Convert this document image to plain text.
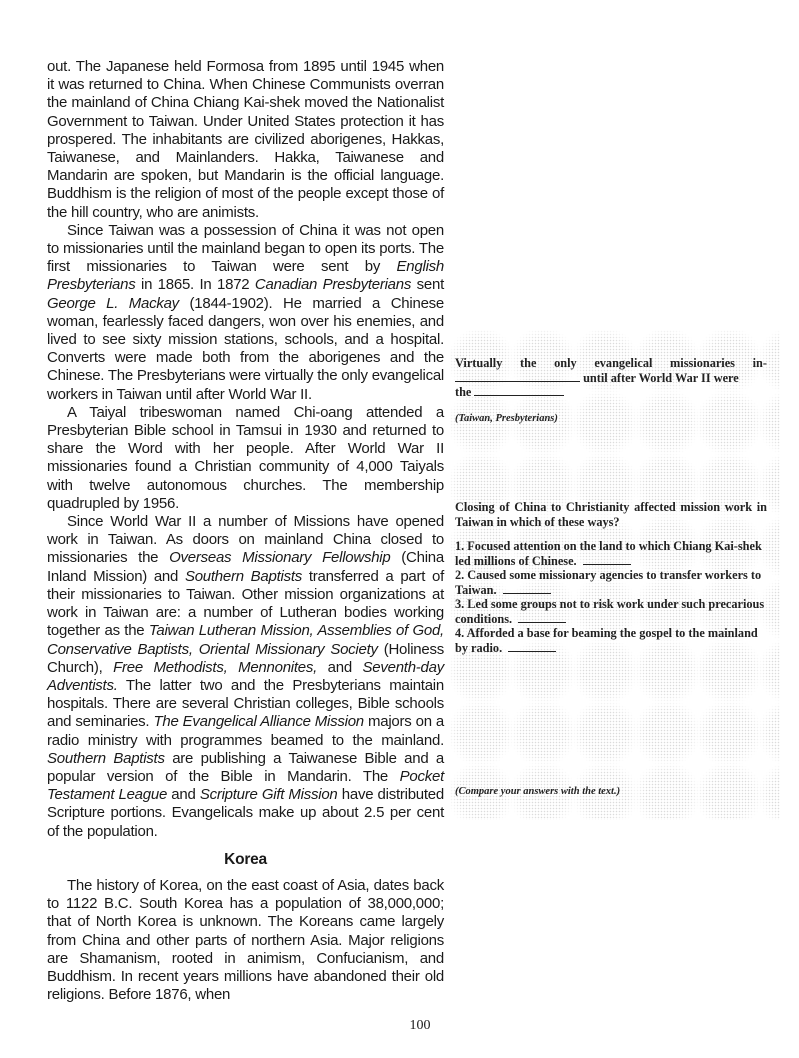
out. The Japanese held Formosa from 1895 until 1945 when it was returned to China. When Chinese Communists overran the mainland of China Chiang Kai-shek moved the Nationalist Government to Taiwan. Under United States protection it has prospered. The inhabitants are civilized aborigenes, Hakkas, Taiwanese, and Mainlanders. Hakka, Taiwanese and Mandarin are spoken, but Mandarin is the official language. Buddhism is the religion of most of the people except those of the hill country, who are animists.

Since Taiwan was a possession of China it was not open to missionaries until the mainland began to open its ports. The first missionaries to Taiwan were sent by English Presbyterians in 1865. In 1872 Canadian Presbyterians sent George L. Mackay (1844-1902). He married a Chinese woman, fearlessly faced dangers, won over his enemies, and lived to see sixty mission stations, schools, and a hospital. Converts were made both from the aborigenes and the Chinese. The Presbyterians were virtually the only evangelical workers in Taiwan until after World War II.

A Taiyal tribeswoman named Chi-oang attended a Presbyterian Bible school in Tamsui in 1930 and returned to share the Word with her people. After World War II missionaries found a Christian community of 4,000 Taiyals with twelve autonomous churches. The membership quadrupled by 1956.

Since World War II a number of Missions have opened work in Taiwan. As doors on mainland China closed to missionaries the Overseas Missionary Fellowship (China Inland Mission) and Southern Baptists transferred a part of their missionaries to Taiwan. Other mission organizations at work in Taiwan are: a number of Lutheran bodies working together as the Taiwan Lutheran Mission, Assemblies of God, Conservative Baptists, Oriental Missionary Society (Holiness Church), Free Methodists, Mennonites, and Seventh-day Adventists. The latter two and the Presbyterians maintain hospitals. There are several Christian colleges, Bible schools and seminaries. The Evangelical Alliance Mission majors on a radio ministry with programmes beamed to the mainland. Southern Baptists are publishing a Taiwanese Bible and a popular version of the Bible in Mandarin. The Pocket Testament League and Scripture Gift Mission have distributed Scripture portions. Evangelicals make up about 2.5 per cent of the population.

Korea

The history of Korea, on the east coast of Asia, dates back to 1122 B.C. South Korea has a population of 38,000,000; that of North Korea is unknown. The Koreans came largely from China and other parts of northern Asia. Major religions are Shamanism, rooted in animism, Confucianism, and Buddhism. In recent years millions have abandoned their old religions. Before 1876, when

Virtually the only evangelical missionaries in-
until after World War II were
the
(Taiwan, Presbyterians)
Closing of China to Christianity affected mission work in Taiwan in which of these ways?
1. Focused attention on the land to which Chiang Kai-shek led millions of Chinese.
2. Caused some missionary agencies to transfer workers to Taiwan.
3. Led some groups not to risk work under such precarious conditions.
4. Afforded a base for beaming the gospel to the mainland by radio.
(Compare your answers with the text.)
100
